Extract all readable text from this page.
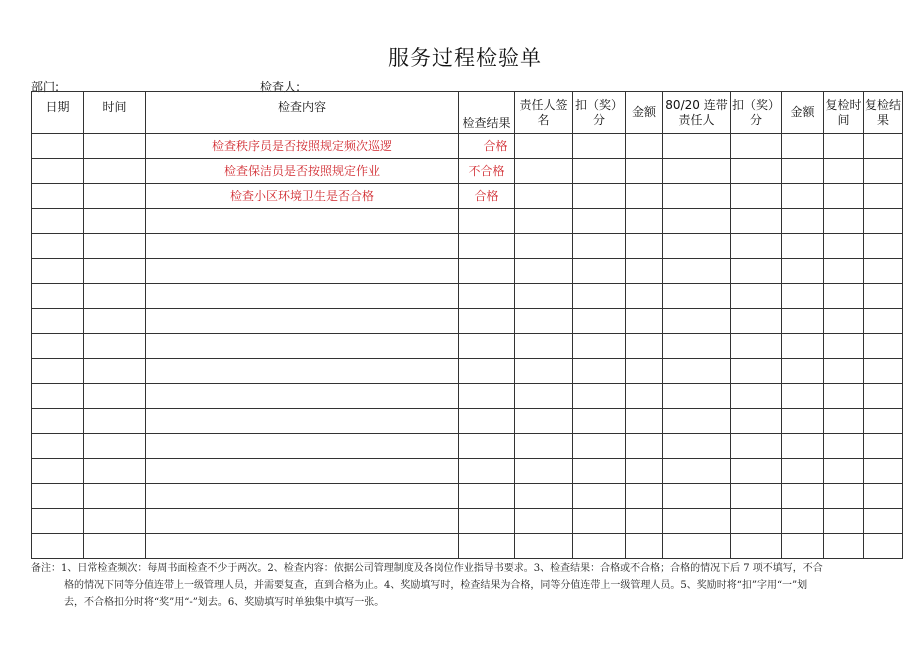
服务过程检验单
部门:	检查人:
日期	时间	检查内容	检查结果	责任人签名	扣（奖）分	金额	80/20 连带责任人	扣（奖）分	金额	复检时间	复检结果
		检查秩序员是否按照规定频次巡逻	合格								
		检查保洁员是否按照规定作业	不合格								
		检查小区环境卫生是否合格	合格								

备注：1、日常检查频次：每周书面检查不少于两次。2、检查内容：依据公司管理制度及各岗位作业指导书要求。3、检查结果：合格或不合格；合格的情况下后 7 项不填写，不合
格的情况下同等分值连带上一级管理人员，并需要复查，直到合格为止。4、奖励填写时，检查结果为合格，同等分值连带上一级管理人员。5、奖励时将“扣”字用“一”划
去，不合格扣分时将“奖”用“-”划去。6、奖励填写时单独集中填写一张。
